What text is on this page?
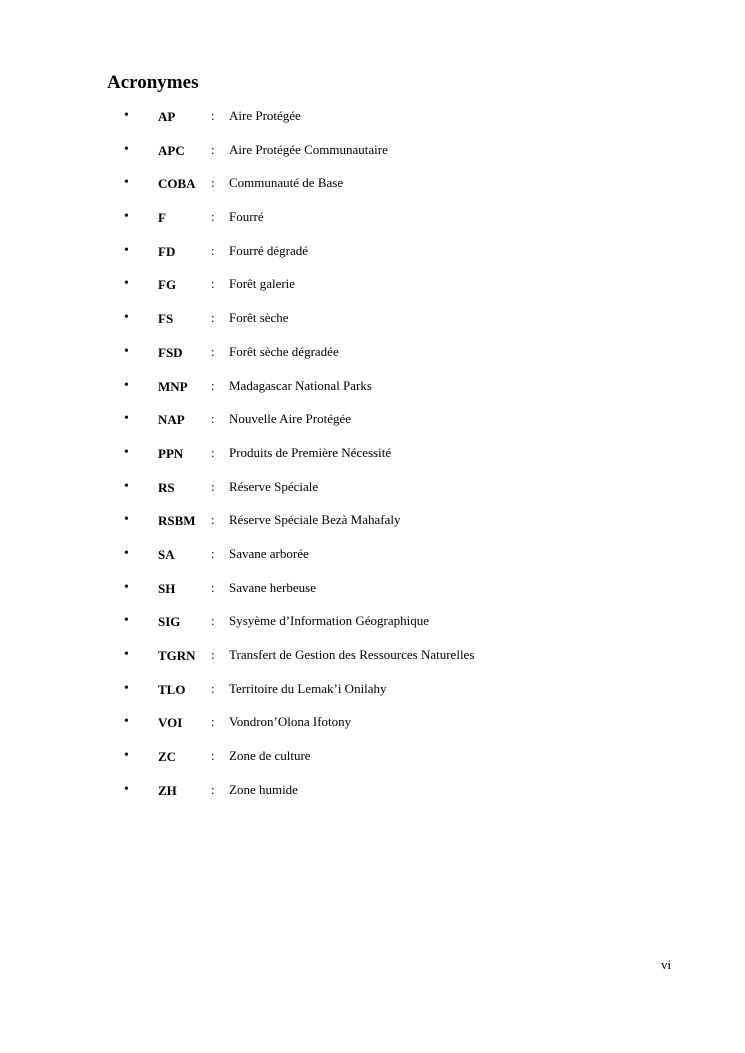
Acronymes
• AP	: Aire Protégée
• APC : Aire Protégée Communautaire
• COBA : Communauté de Base
• F	: Fourré
• FD	: Fourré dégradé
• FG	: Forêt galerie
• FS	: Forêt sèche
• FSD : Forêt sèche dégradée
• MNP : Madagascar National Parks
• NAP : Nouvelle Aire Protégée
• PPN : Produits de Première Nécessité
• RS	: Réserve Spéciale
• RSBM : Réserve Spéciale Bezà Mahafaly
• SA	: Savane arborée
• SH	: Savane herbeuse
• SIG : Sysyème d’Information Géographique
• TGRN : Transfert de Gestion des Ressources Naturelles
• TLO : Territoire du Lemak’i Onilahy
• VOI : Vondron’Olona Ifotony
• ZC	: Zone de culture
• ZH	: Zone humide
vi
